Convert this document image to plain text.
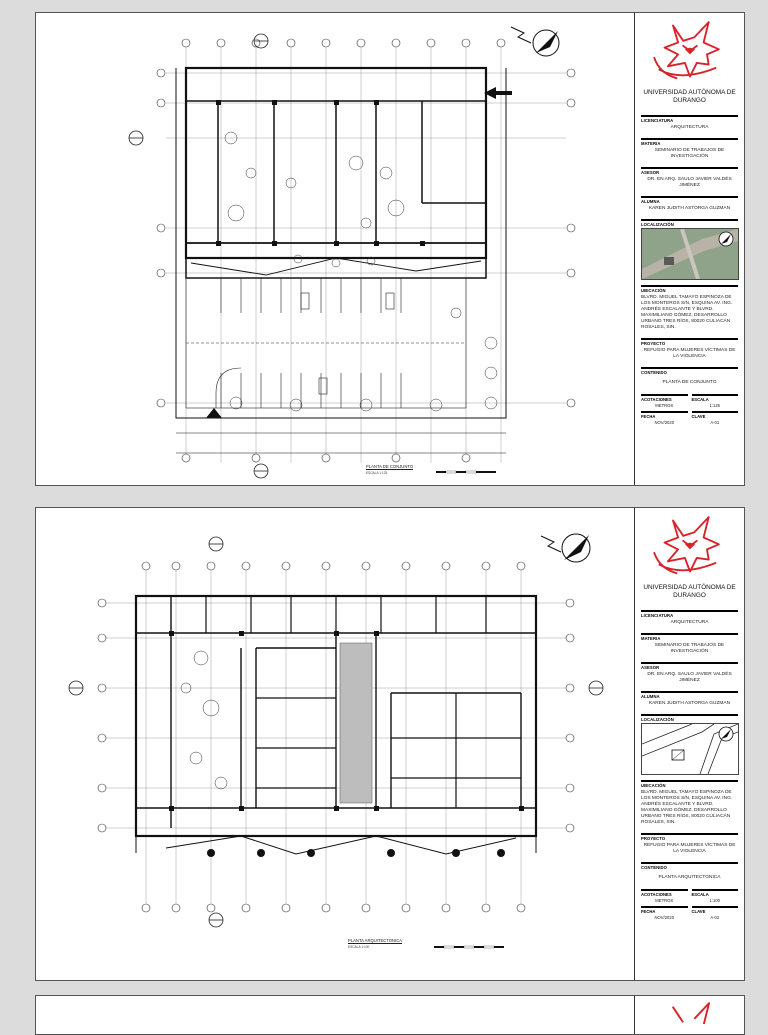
PLANTA DE CONJUNTO
ESCALA 1:125
UNIVERSIDAD AUTÓNOMA DE DURANGO
LICENCIATURA
ARQUITECTURA
MATERIA
SEMINARIO DE TRABAJOS DE INVESTIGACIÓN
ASESOR
DR. EN ARQ. SAULO JAVIER VALDÉS JIMÉNEZ
ALUMNA
KAREN JUDITH ASTORGA GUZMAN
LOCALIZACIÓN
UBICACIÓN
BLVRD. MIGUEL TAMAYO ESPINOZA DE LOS MONTEROS S/N, ESQUINA AV. ING. ANDRÉS ESCALANTE Y BLVRD. MAXIMILIANO GÓMEZ, DESARROLLO URBANO TRES RÍOS, 80020 CULIACÁN ROSALES, SIN.
PROYECTO
REFUGIO PARA MUJERES VÍCTIMAS DE LA VIOLENCIA
CONTENIDO
PLANTA DE CONJUNTO
ACOTACIONES	ESCALA
METROS	1:125
FECHA	CLAVE
NOV/2020	A-01
PLANTA ARQUITECTONICA
ESCALA 1:100
UNIVERSIDAD AUTÓNOMA DE DURANGO
LICENCIATURA
ARQUITECTURA
MATERIA
SEMINARIO DE TRABAJOS DE INVESTIGACIÓN
ASESOR
DR. EN ARQ. SAULO JAVIER VALDÉS JIMÉNEZ
ALUMNA
KAREN JUDITH ASTORGA GUZMAN
LOCALIZACIÓN
UBICACIÓN
BLVRD. MIGUEL TAMAYO ESPINOZA DE LOS MONTEROS S/N, ESQUINA AV. ING. ANDRÉS ESCALANTE Y BLVRD. MAXIMILIANO GÓMEZ, DESARROLLO URBANO TRES RÍOS, 80020 CULIACÁN ROSALES, SIN.
PROYECTO
REFUGIO PARA MUJERES VÍCTIMAS DE LA VIOLENCIA
CONTENIDO
PLANTA ARQUITECTONICA
ACOTACIONES	ESCALA
METROS	1:100
FECHA	CLAVE
NOV/2020	A-02
